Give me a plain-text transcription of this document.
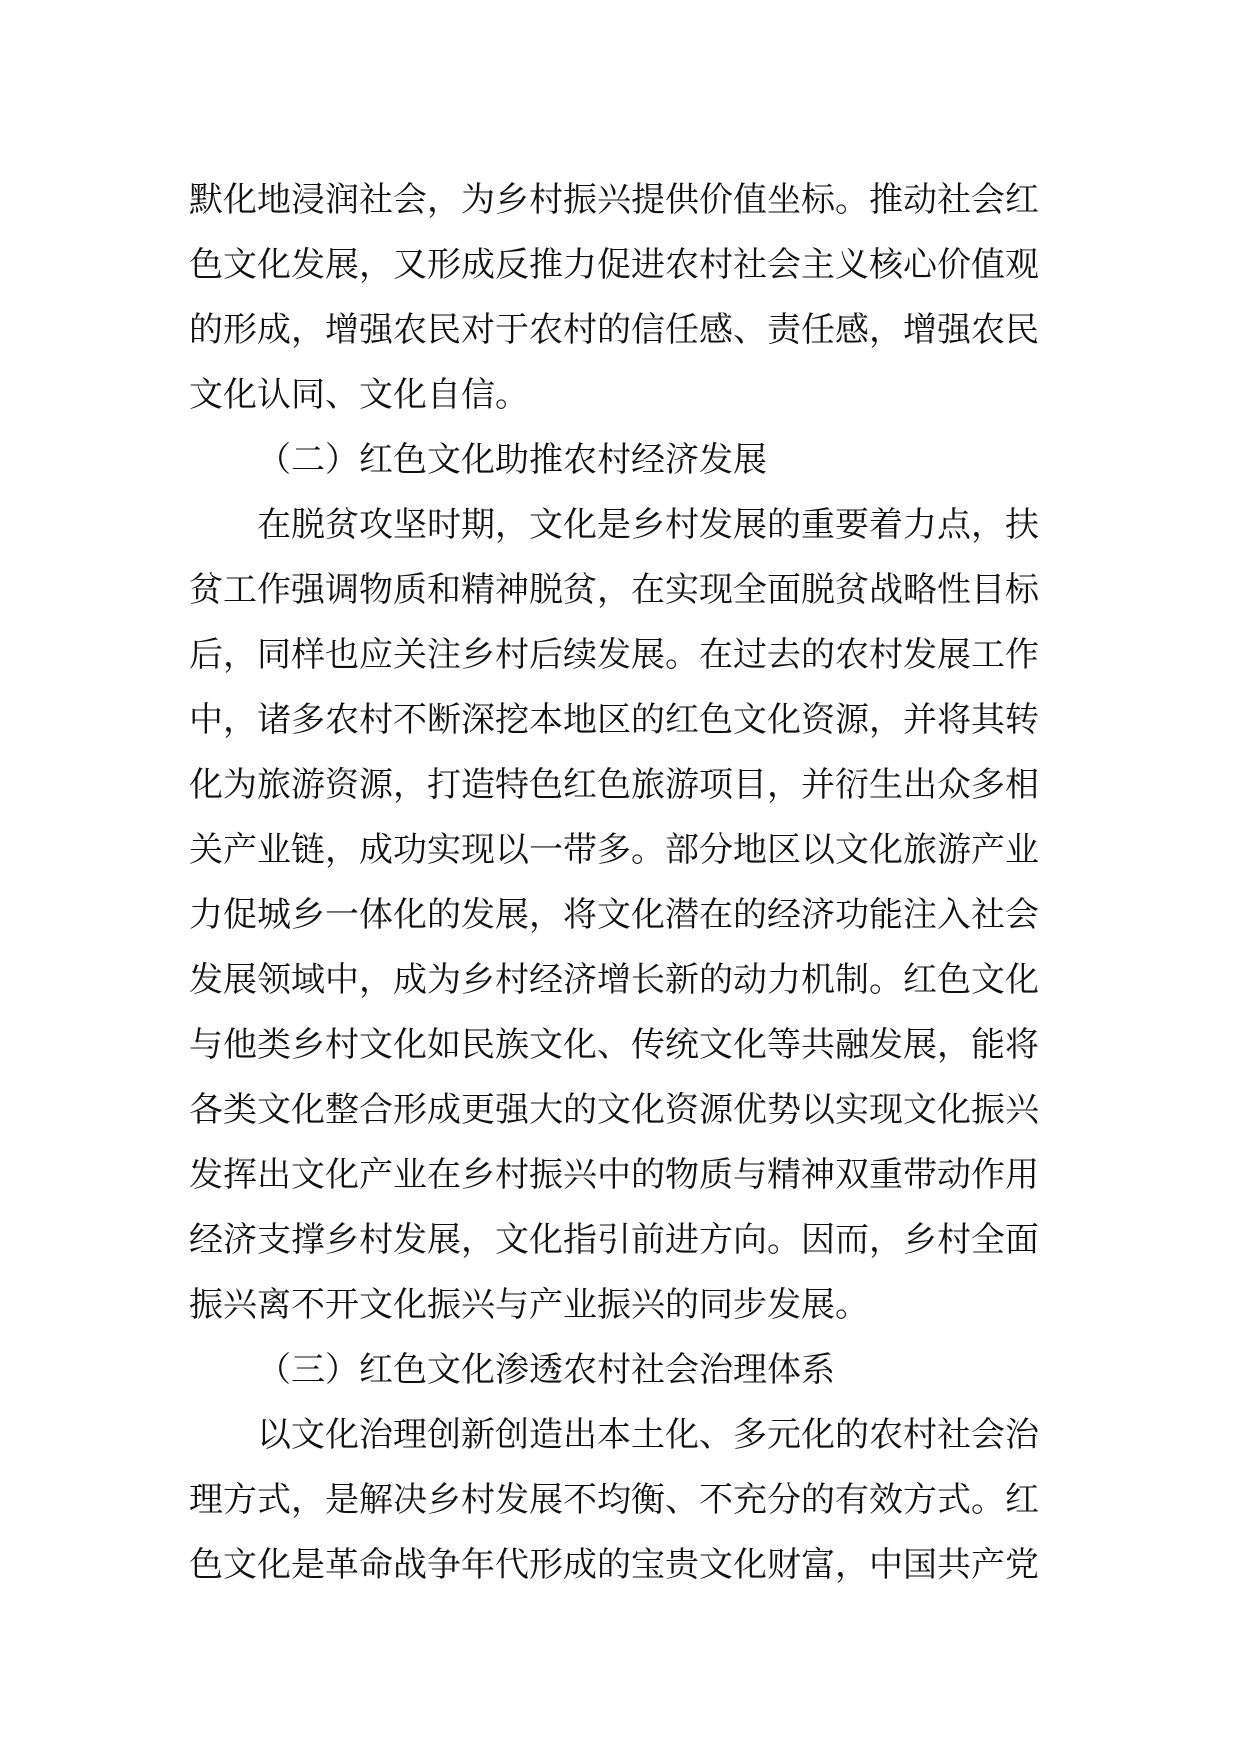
默化地浸润社会，为乡村振兴提供价值坐标。推动社会红
色文化发展，又形成反推力促进农村社会主义核心价值观
的形成，增强农民对于农村的信任感、责任感，增强农民
文化认同、文化自信。
（二）红色文化助推农村经济发展
在脱贫攻坚时期，文化是乡村发展的重要着力点，扶
贫工作强调物质和精神脱贫，在实现全面脱贫战略性目标
后，同样也应关注乡村后续发展。在过去的农村发展工作
中，诸多农村不断深挖本地区的红色文化资源，并将其转
化为旅游资源，打造特色红色旅游项目，并衍生出众多相
关产业链，成功实现以一带多。部分地区以文化旅游产业
力促城乡一体化的发展，将文化潜在的经济功能注入社会
发展领域中，成为乡村经济增长新的动力机制。红色文化
与他类乡村文化如民族文化、传统文化等共融发展，能将
各类文化整合形成更强大的文化资源优势以实现文化振兴
发挥出文化产业在乡村振兴中的物质与精神双重带动作用
经济支撑乡村发展，文化指引前进方向。因而，乡村全面
振兴离不开文化振兴与产业振兴的同步发展。
（三）红色文化渗透农村社会治理体系
以文化治理创新创造出本土化、多元化的农村社会治
理方式，是解决乡村发展不均衡、不充分的有效方式。红
色文化是革命战争年代形成的宝贵文化财富，中国共产党
